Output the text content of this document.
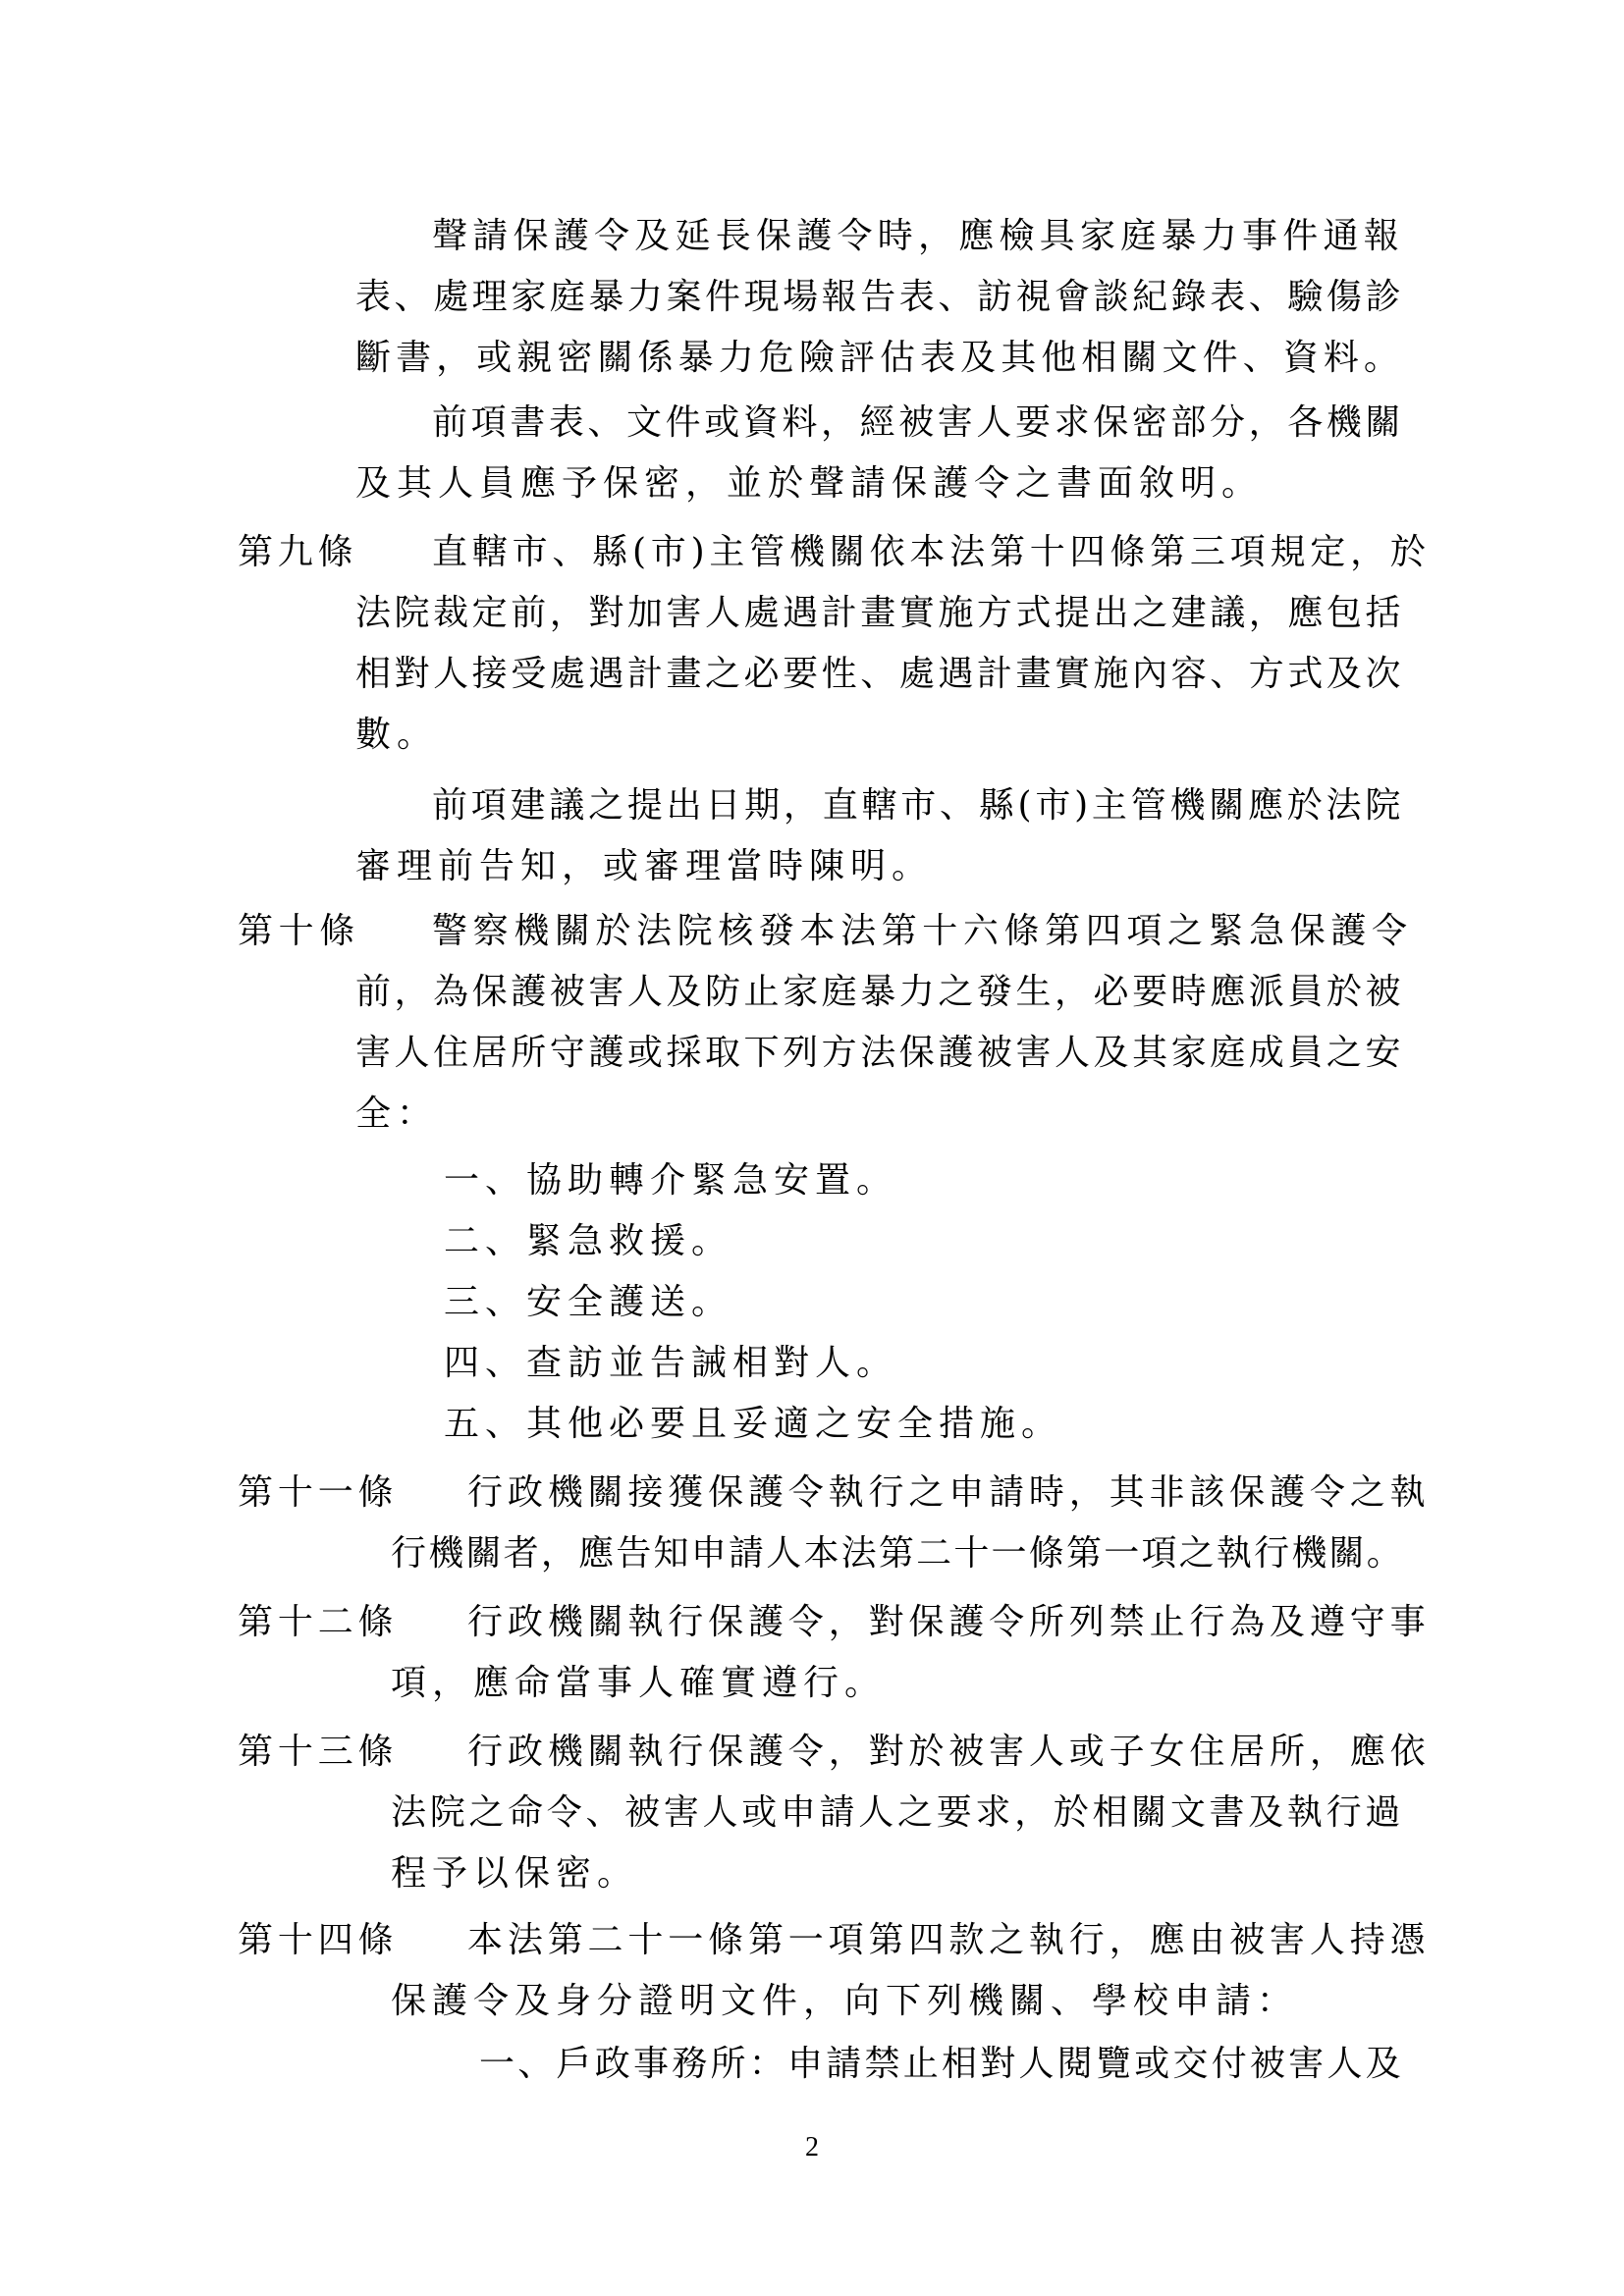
聲請保護令及延長保護令時，應檢具家庭暴力事件通報
表、處理家庭暴力案件現場報告表、訪視會談紀錄表、驗傷診
斷書，或親密關係暴力危險評估表及其他相關文件、資料。
前項書表、文件或資料，經被害人要求保密部分，各機關
及其人員應予保密，並於聲請保護令之書面敘明。
第九條 直轄市、縣(市)主管機關依本法第十四條第三項規定，於
法院裁定前，對加害人處遇計畫實施方式提出之建議，應包括
相對人接受處遇計畫之必要性、處遇計畫實施內容、方式及次
數。
前項建議之提出日期，直轄市、縣(市)主管機關應於法院
審理前告知，或審理當時陳明。
第十條 警察機關於法院核發本法第十六條第四項之緊急保護令
前，為保護被害人及防止家庭暴力之發生，必要時應派員於被
害人住居所守護或採取下列方法保護被害人及其家庭成員之安
全：
一、協助轉介緊急安置。
二、緊急救援。
三、安全護送。
四、查訪並告誡相對人。
五、其他必要且妥適之安全措施。
第十一條 行政機關接獲保護令執行之申請時，其非該保護令之執
行機關者，應告知申請人本法第二十一條第一項之執行機關。
第十二條 行政機關執行保護令，對保護令所列禁止行為及遵守事
項，應命當事人確實遵行。
第十三條 行政機關執行保護令，對於被害人或子女住居所，應依
法院之命令、被害人或申請人之要求，於相關文書及執行過
程予以保密。
第十四條 本法第二十一條第一項第四款之執行，應由被害人持憑
保護令及身分證明文件，向下列機關、學校申請：
一、戶政事務所：申請禁止相對人閱覽或交付被害人及
2
